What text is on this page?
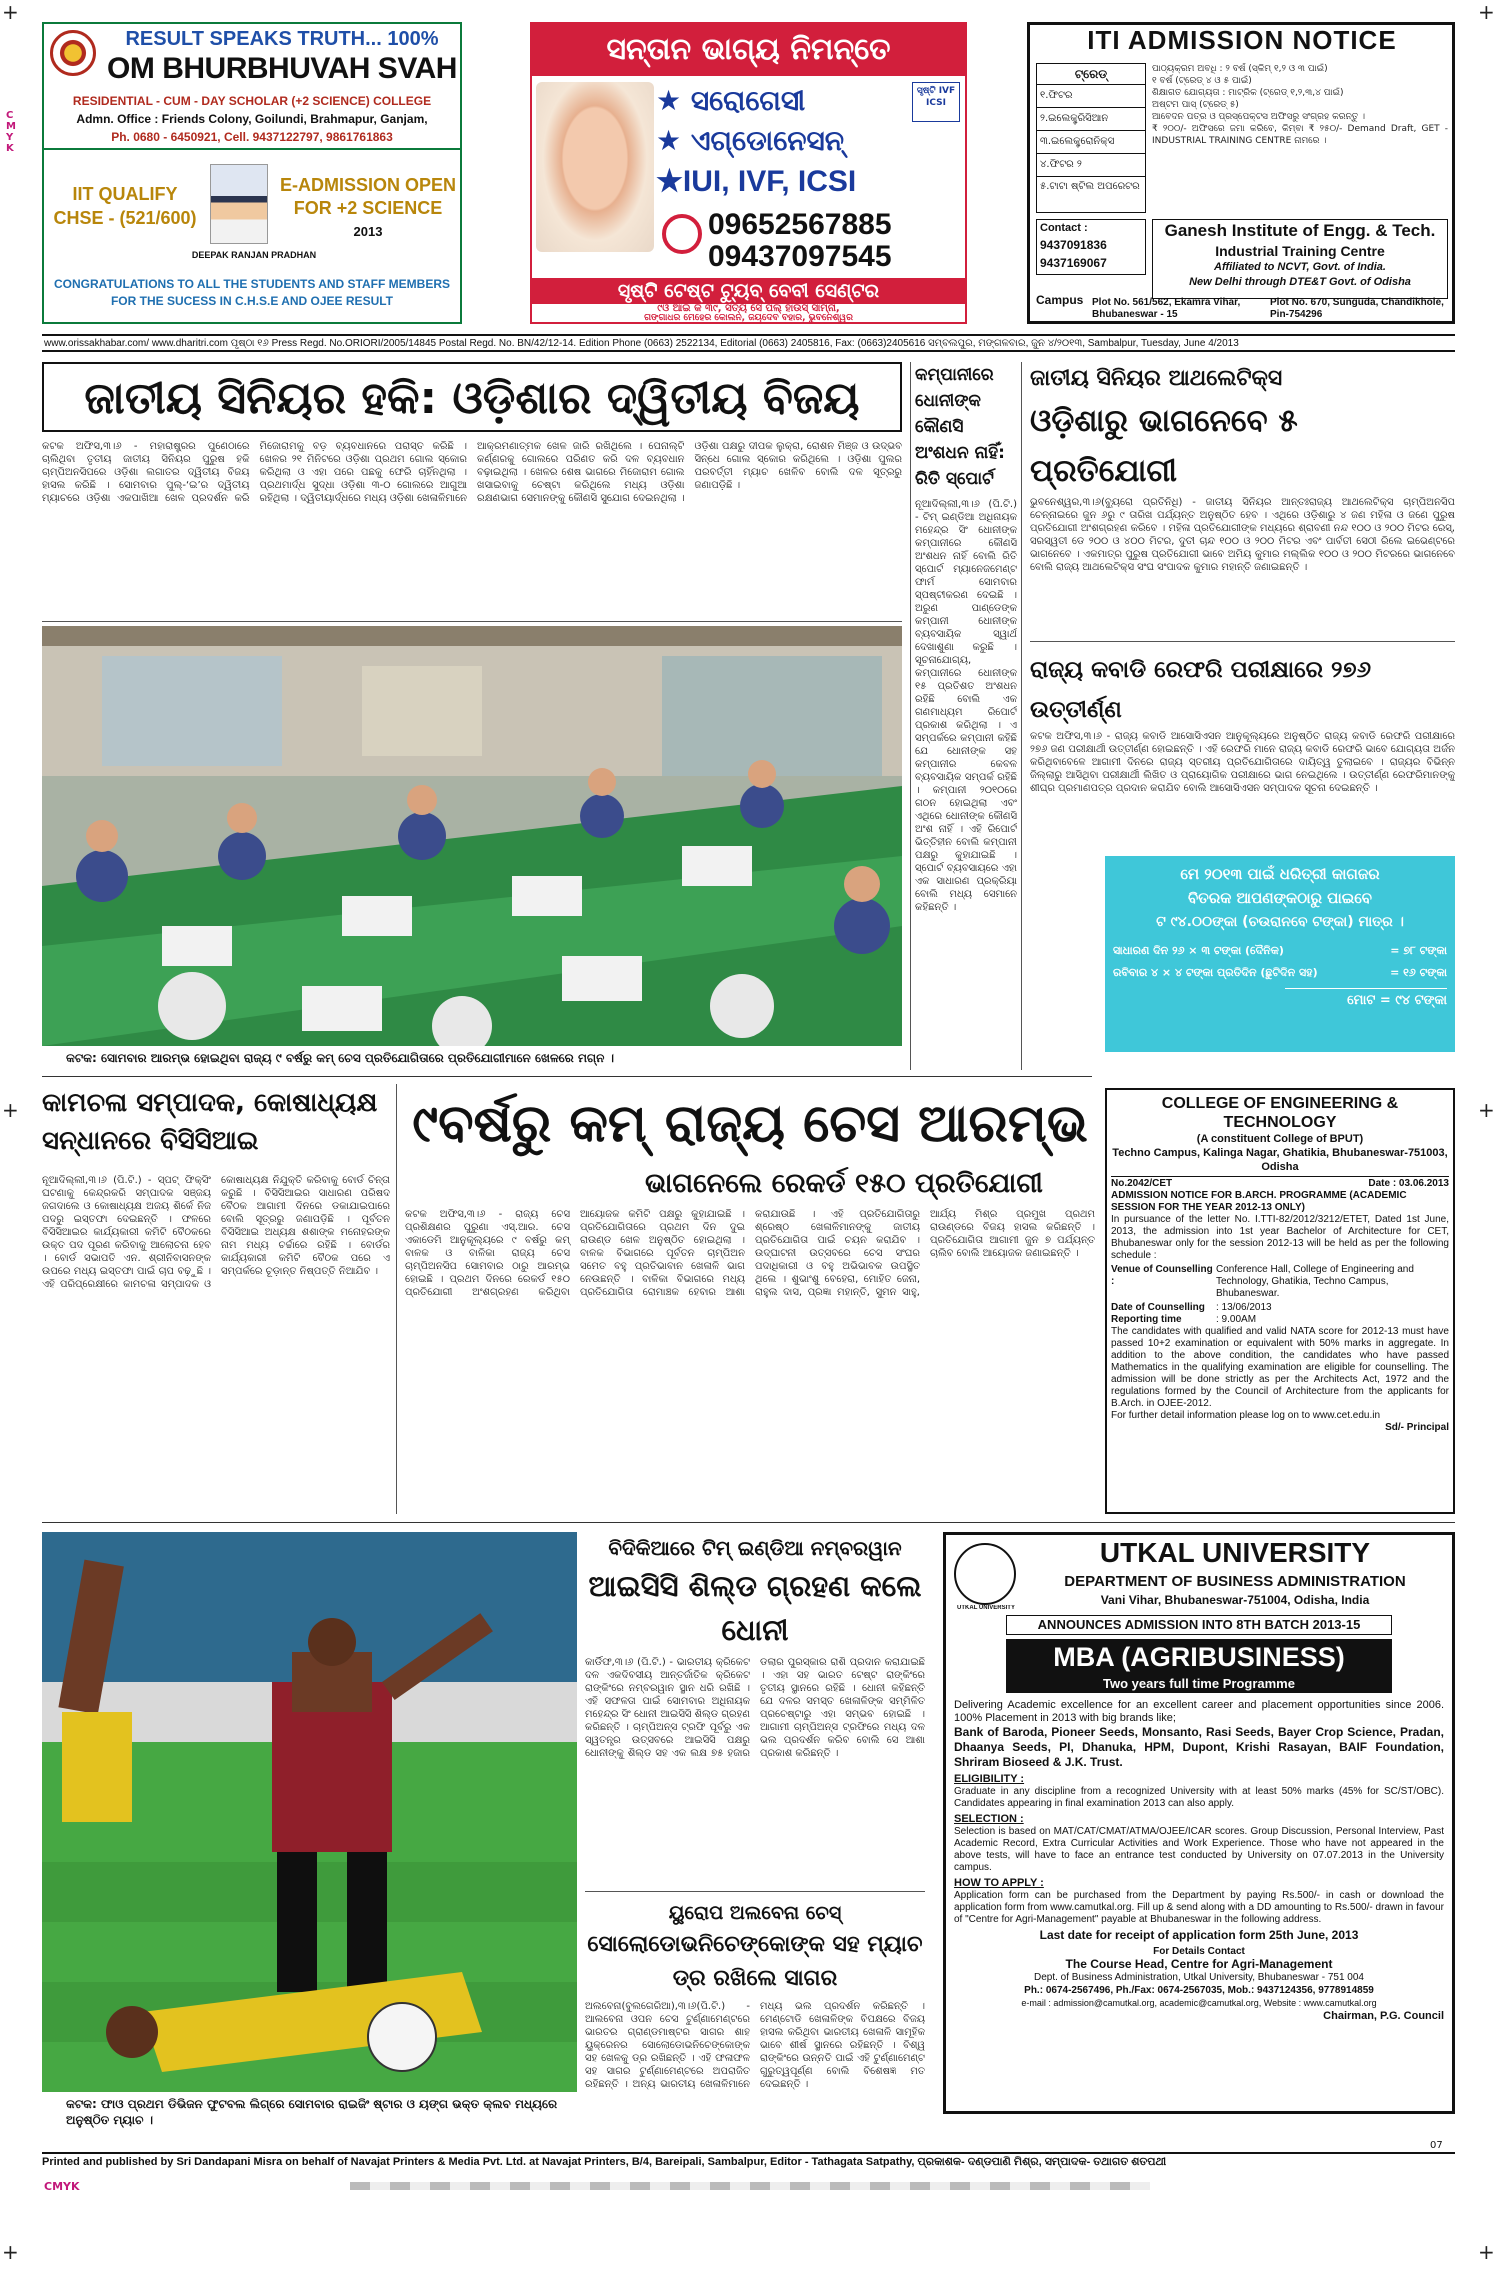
+	+
+	+
+	+
CMYK
RESULT SPEAKS TRUTH... 100%
OM BHURBHUVAH SVAH
RESIDENTIAL - CUM - DAY SCHOLAR (+2 SCIENCE) COLLEGE
Admn. Office : Friends Colony, Goilundi, Brahmapur, Ganjam,
Ph. 0680 - 6450921, Cell. 9437122797, 9861761863
IIT QUALIFY
CHSE - (521/600)
E-ADMISSION OPEN FOR +2 SCIENCE
2013
DEEPAK RANJAN PRADHAN
CONGRATULATIONS TO ALL THE STUDENTS AND STAFF MEMBERS FOR THE SUCESS IN C.H.S.E AND OJEE RESULT
ସନ୍ତାନ ଭାଗ୍ୟ ନିମନ୍ତେ
★ ସରୋଗେସୀ
★ ଏଗ୍‌ଡୋନେସନ୍
★IUI, IVF, ICSI
ସୃଷ୍ଟି IVF ICSI
09652567885
09437097545
ସୃଷ୍ଟି ଟେଷ୍ଟ ଟ୍ୟୁବ୍ ବେବୀ ସେଣ୍ଟର
୯ଓ ଆଇ କି ୩୯, ସତ୍ୟ ସେ ପଲ୍ ହାଉସ୍ ସାମ୍ନା,
ଗଙ୍ଗାଧର ମେହେର କୋଲନି, ଜୟଦେବ ବିହାର, ଭୁବନେଶ୍ୱର
ITI ADMISSION NOTICE
ଟ୍ରେଡ୍
୧.ଫିଟର
୨.ଇଲେକ୍ଟ୍ରିସିଆନ
୩.ଇଲେକ୍ଟ୍ରୋନିକ୍ସ
୪.ଫିଟର ୨
୫.ଟାଟା ଷ୍ଟିଲ ଅପରେଟର
ପାଠ୍ୟକ୍ରମ ଅବଧି : ୨ ବର୍ଷ (ସ୍କିମ୍ ୧,୨ ଓ ୩ ପାଇଁ)
୧ ବର୍ଷ (ଟ୍ରେଡ୍ ୪ ଓ ୫ ପାଇଁ)
ଶିକ୍ଷାଗତ ଯୋଗ୍ୟତା : ମାଟ୍ରିକ (ଟ୍ରେଡ୍ ୧,୨,୩,୪ ପାଇଁ)
ଅଷ୍ଟମ ପାସ୍ (ଟ୍ରେଡ୍ ୫)
ଆବେଦନ ପତ୍ର ଓ ପ୍ରସ୍ପେକ୍ଟସ ଅଫିସରୁ ସଂଗ୍ରହ କରନ୍ତୁ ।
₹ ୨୦୦/- ଅଫିସରେ ଜମା କରିବେ, କିମ୍ବା ₹ ୨୫୦/- Demand Draft, GET - INDUSTRIAL TRAINING CENTRE ନାମରେ ।
Contact :
9437091836
9437169067
Ganesh Institute of Engg. & Tech.
Industrial Training Centre
Affiliated to NCVT, Govt. of India.
New Delhi through DTE&T Govt. of Odisha
Campus Plot No. 561/562, Ekamra Vihar, Bhubaneswar - 15
Plot No. 670, Sunguda, Chandikhole, Pin-754296
www.orissakhabar.com/ www.dharitri.com ପୃଷ୍ଠା ୧୬ Press Regd. No.ORIORI/2005/14845 Postal Regd. No. BN/42/12-14. Edition Phone (0663) 2522134, Editorial (0663) 2405816, Fax: (0663)2405616 ସମ୍ବଲପୁର, ମଙ୍ଗଳବାର, ଜୁନ ୪/୨୦୧୩, Sambalpur, Tuesday, June 4/2013
ଜାତୀୟ ସିନିୟର ହକି: ଓଡ଼ିଶାର ଦ୍ୱିତୀୟ ବିଜୟ
କଟକ ଅଫିସ,୩।୬ - ମହାରାଷ୍ଟ୍ରର ପୁଣେଠାରେ ଚାଲିଥିବା ତୃତୀୟ ଜାତୀୟ ସିନିୟର ପୁରୁଷ ହକି ଚାମ୍ପିଅନସିପରେ ଓଡ଼ିଶା ଲଗାତର ଦ୍ୱିତୀୟ ବିଜୟ ହାସଲ କରିଛି । ସୋମବାର ପୁଲ୍-‘ଇ’ର ଦ୍ୱିତୀୟ ମ୍ୟାଚରେ ଓଡ଼ିଶା ଏକପାଖିଆ ଖେଳ ପ୍ରଦର୍ଶନ କରି ମିଜୋରାମକୁ ବଡ଼ ବ୍ୟବଧାନରେ ପରାସ୍ତ କରିଛି । ଖେଳର ୨୧ ମିନିଟରେ ଓଡ଼ିଶା ପ୍ରଥମ ଗୋଲ ସ୍କୋର କରିଥିଲା ଓ ଏହା ପରେ ପଛକୁ ଫେରି ଚାହିଁନଥିଲା । ପ୍ରଥମାର୍ଦ୍ଧ ସୁଦ୍ଧା ଓଡ଼ିଶା ୩-୦ ଗୋଲରେ ଆଗୁଆ ରହିଥିଲା । ଦ୍ୱିତୀୟାର୍ଦ୍ଧରେ ମଧ୍ୟ ଓଡ଼ିଶା ଖେଳାଳିମାନେ ଆକ୍ରମଣାତ୍ମକ ଖେଳ ଜାରି ରଖିଥିଲେ । ପେନାଲ୍ଟି କର୍ଣ୍ଣରକୁ ଗୋଲରେ ପରିଣତ କରି ଦଳ ବ୍ୟବଧାନ ବଢ଼ାଇଥିଲା । ଖେଳର ଶେଷ ଭାଗରେ ମିଜୋରାମ ଗୋଲ ଖସାଇବାକୁ ଚେଷ୍ଟା କରିଥିଲେ ମଧ୍ୟ ଓଡ଼ିଶା ରକ୍ଷଣଭାଗ ସେମାନଙ୍କୁ କୌଣସି ସୁଯୋଗ ଦେଇନଥିଲା । ଓଡ଼ିଶା ପକ୍ଷରୁ ଦୀପକ ଲୁକ୍ରା, ରୋଶନ ମିଞ୍ଜ ଓ ଉଦ୍ଭବ ସିନ୍ଧେ ଗୋଲ ସ୍କୋର କରିଥିଲେ । ଓଡ଼ିଶା ପୁଲର ପରବର୍ତ୍ତୀ ମ୍ୟାଚ ଖେଳିବ ବୋଲି ଦଳ ସୂତ୍ରରୁ ଜଣାପଡ଼ିଛି ।
କଟକ: ସୋମବାର ଆରମ୍ଭ ହୋଇଥିବା ରାଜ୍ୟ ୯ ବର୍ଷରୁ କମ୍ ଚେସ ପ୍ରତିଯୋଗିତାରେ ପ୍ରତିଯୋଗୀମାନେ ଖେଳରେ ମଗ୍ନ ।
କମ୍ପାନୀରେ ଧୋନୀଙ୍କ କୌଣସି ଅଂଶଧନ ନାହିଁ: ରିତି ସ୍ପୋର୍ଟ
ନୂଆଦିଲ୍ଲୀ,୩।୬ (ପି.ଟି.) - ଟିମ୍ ଇଣ୍ଡିଆ ଅଧିନାୟକ ମହେନ୍ଦ୍ର ସିଂ ଧୋନୀଙ୍କ କମ୍ପାନୀରେ କୌଣସି ଅଂଶଧନ ନାହିଁ ବୋଲି ରିତି ସ୍ପୋର୍ଟ ମ୍ୟାନେଜମେଣ୍ଟ ଫାର୍ମ ସୋମବାର ସ୍ପଷ୍ଟୀକରଣ ଦେଇଛି । ଅରୁଣ ପାଣ୍ଡେଙ୍କ କମ୍ପାନୀ ଧୋନୀଙ୍କ ବ୍ୟବସାୟିକ ସ୍ୱାର୍ଥ ଦେଖାଶୁଣା କରୁଛି । ସୂଚନାଯୋଗ୍ୟ, କମ୍ପାନୀରେ ଧୋନୀଙ୍କ ୧୫ ପ୍ରତିଶତ ଅଂଶଧନ ରହିଛି ବୋଲି ଏକ ଗଣମାଧ୍ୟମ ରିପୋର୍ଟ ପ୍ରକାଶ କରିଥିଲା । ଏ ସମ୍ପର୍କରେ କମ୍ପାନୀ କହିଛି ଯେ ଧୋନୀଙ୍କ ସହ କମ୍ପାନୀର କେବଳ ବ୍ୟବସାୟିକ ସମ୍ପର୍କ ରହିଛି । କମ୍ପାନୀ ୨୦୧୦ରେ ଗଠନ ହୋଇଥିଲା ଏବଂ ଏଥିରେ ଧୋନୀଙ୍କ କୌଣସି ଅଂଶ ନାହିଁ । ଏହି ରିପୋର୍ଟ ଭିତ୍ତିହୀନ ବୋଲି କମ୍ପାନୀ ପକ୍ଷରୁ କୁହାଯାଇଛି । ସ୍ପୋର୍ଟ ବ୍ୟବସାୟରେ ଏହା ଏକ ସାଧାରଣ ପ୍ରକ୍ରିୟା ବୋଲି ମଧ୍ୟ ସେମାନେ କହିଛନ୍ତି ।
ଜାତୀୟ ସିନିୟର ଆଥଲେଟିକ୍ସ
ଓଡ଼ିଶାରୁ ଭାଗନେବେ ୫ ପ୍ରତିଯୋଗୀ
ଭୁବନେଶ୍ୱର,୩।୬(ବ୍ୟୁରୋ ପ୍ରତିନିଧି) - ଜାତୀୟ ସିନିୟର ଆନ୍ତଃରାଜ୍ୟ ଆଥଲେଟିକ୍ସ ଚାମ୍ପିଅନସିପ ଚେନ୍ନାଇରେ ଜୁନ ୬ରୁ ୯ ତାରିଖ ପର୍ଯ୍ୟନ୍ତ ଅନୁଷ୍ଠିତ ହେବ । ଏଥିରେ ଓଡ଼ିଶାରୁ ୪ ଜଣ ମହିଳା ଓ ଜଣେ ପୁରୁଷ ପ୍ରତିଯୋଗୀ ଅଂଶଗ୍ରହଣ କରିବେ । ମହିଳା ପ୍ରତିଯୋଗୀଙ୍କ ମଧ୍ୟରେ ଶ୍ରାବଣୀ ନନ୍ଦ ୧୦୦ ଓ ୨୦୦ ମିଟର ରେସ୍, ସରସ୍ୱତୀ ଡେ ୨୦୦ ଓ ୪୦୦ ମିଟର, ଦୁତୀ ଚାନ୍ଦ ୧୦୦ ଓ ୨୦୦ ମିଟର ଏବଂ ପାର୍ବତୀ ସେଠୀ ରିଲେ ଇଭେଣ୍ଟରେ ଭାଗନେବେ । ଏକମାତ୍ର ପୁରୁଷ ପ୍ରତିଯୋଗୀ ଭାବେ ଅମିୟ କୁମାର ମଲ୍ଲିକ ୧୦୦ ଓ ୨୦୦ ମିଟରରେ ଭାଗନେବେ ବୋଲି ରାଜ୍ୟ ଆଥଲେଟିକ୍ସ ସଂଘ ସଂପାଦକ କୁମାର ମହାନ୍ତି ଜଣାଇଛନ୍ତି ।
ରାଜ୍ୟ କବାଡି ରେଫରି ପରୀକ୍ଷାରେ ୨୭୬ ଉତ୍ତୀର୍ଣ୍ଣ
କଟକ ଅଫିସ,୩।୬ - ରାଜ୍ୟ କବାଡି ଆସୋସିଏସନ ଆନୁକୂଲ୍ୟରେ ଅନୁଷ୍ଠିତ ରାଜ୍ୟ କବାଡି ରେଫରି ପରୀକ୍ଷାରେ ୨୭୬ ଜଣ ପରୀକ୍ଷାର୍ଥୀ ଉତ୍ତୀର୍ଣ୍ଣ ହୋଇଛନ୍ତି । ଏହି ରେଫରି ମାନେ ରାଜ୍ୟ କବାଡି ରେଫରି ଭାବେ ଯୋଗ୍ୟତା ଅର୍ଜନ କରିଥିବାବେଳେ ଆଗାମୀ ଦିନରେ ରାଜ୍ୟ ସ୍ତରୀୟ ପ୍ରତିଯୋଗିତାରେ ଦାୟିତ୍ୱ ତୁଲାଇବେ । ରାଜ୍ୟର ବିଭିନ୍ନ ଜିଲ୍ଲାରୁ ଆସିଥିବା ପରୀକ୍ଷାର୍ଥୀ ଲିଖିତ ଓ ପ୍ରାୟୋଗିକ ପରୀକ୍ଷାରେ ଭାଗ ନେଇଥିଲେ । ଉତ୍ତୀର୍ଣ୍ଣ ରେଫରିମାନଙ୍କୁ ଶୀଘ୍ର ପ୍ରମାଣପତ୍ର ପ୍ରଦାନ କରାଯିବ ବୋଲି ଆସୋସିଏସନ ସମ୍ପାଦକ ସୂଚନା ଦେଇଛନ୍ତି ।
ମେ ୨୦୧୩ ପାଇଁ ଧରିତ୍ରୀ କାଗଜର
ବିତରକ ଆପଣଙ୍କଠାରୁ ପାଇବେ
ଟ ୯୪.୦୦ଙ୍କା (ଚଉରାନବେ ଟଙ୍କା) ମାତ୍ର ।
ସାଧାରଣ ଦିନ ୨୬ × ୩ ଟଙ୍କା (ଦୈନିକ)	= ୭୮ ଟଙ୍କା
ରବିବାର ୪ × ୪ ଟଙ୍କା ପ୍ରତିଦିନ (ଛୁଟିଦିନ ସହ)	= ୧୬ ଟଙ୍କା
ମୋଟ = ୯୪ ଟଙ୍କା
କାମଚଳା ସମ୍ପାଦକ, କୋଷାଧ୍ୟକ୍ଷ ସନ୍ଧାନରେ ବିସିସିଆଇ
ନୂଆଦିଲ୍ଲୀ,୩।୬ (ପି.ଟି.) - ସ୍ପଟ୍ ଫିକ୍ସିଂ ଘଟଣାକୁ କେନ୍ଦ୍ରକରି ସମ୍ପାଦକ ସଞ୍ଜୟ ଜଗଦାଲେ ଓ କୋଷାଧ୍ୟକ୍ଷ ଅଜୟ ଶିର୍କେ ନିଜ ପଦରୁ ଇସ୍ତଫା ଦେଇଛନ୍ତି । ଫଳରେ ବିସିସିଆଇର କାର୍ଯ୍ୟକାରୀ କମିଟି ବୈଠକରେ ଉକ୍ତ ପଦ ପୂରଣ କରିବାକୁ ଆଲୋଚନା ହେବ । ବୋର୍ଡ ସଭାପତି ଏନ. ଶ୍ରୀନିବାସନଙ୍କ ଉପରେ ମଧ୍ୟ ଇସ୍ତଫା ପାଇଁ ଚାପ ବଢ଼ୁଛି । ଏହି ପରିପ୍ରେକ୍ଷୀରେ କାମଚଳା ସମ୍ପାଦକ ଓ କୋଷାଧ୍ୟକ୍ଷ ନିଯୁକ୍ତି କରିବାକୁ ବୋର୍ଡ ଚିନ୍ତା କରୁଛି । ବିସିସିଆଇର ସାଧାରଣ ପରିଷଦ ବୈଠକ ଆଗାମୀ ଦିନରେ ଡକାଯାଇପାରେ ବୋଲି ସୂତ୍ରରୁ ଜଣାପଡ଼ିଛି । ପୂର୍ବତନ ବିସିସିଆଇ ଅଧ୍ୟକ୍ଷ ଶଶାଙ୍କ ମନୋହରଙ୍କ ନାମ ମଧ୍ୟ ଚର୍ଚ୍ଚାରେ ରହିଛି । ବୋର୍ଡର କାର୍ଯ୍ୟକାରୀ କମିଟି ବୈଠକ ପରେ ଏ ସମ୍ପର୍କରେ ଚୂଡ଼ାନ୍ତ ନିଷ୍ପତ୍ତି ନିଆଯିବ ।
୯ବର୍ଷରୁ କମ୍ ରାଜ୍ୟ ଚେସ ଆରମ୍ଭ
ଭାଗନେଲେ ରେକର୍ଡ ୧୫୦ ପ୍ରତିଯୋଗୀ
କଟକ ଅଫିସ,୩।୬ - ରାଜ୍ୟ ଚେସ ପ୍ରଶିକ୍ଷଣର ପୁରୁଣା ଏସ୍.ଆର. ଚେସ ଏକାଡେମି ଆନୁକୂଲ୍ୟରେ ୯ ବର୍ଷରୁ କମ୍ ବାଳକ ଓ ବାଳିକା ରାଜ୍ୟ ଚେସ ଚାମ୍ପିଅନସିପ ସୋମବାର ଠାରୁ ଆରମ୍ଭ ହୋଇଛି । ପ୍ରଥମ ଦିନରେ ରେକର୍ଡ ୧୫୦ ପ୍ରତିଯୋଗୀ ଅଂଶଗ୍ରହଣ କରିଥିବା ଆୟୋଜକ କମିଟି ପକ୍ଷରୁ କୁହାଯାଇଛି । ପ୍ରତିଯୋଗିତାରେ ପ୍ରଥମ ଦିନ ଦୁଇ ରାଉଣ୍ଡ ଖେଳ ଅନୁଷ୍ଠିତ ହୋଇଥିଲା । ବାଳକ ବିଭାଗରେ ପୂର୍ବତନ ଚାମ୍ପିଅନ ସମେତ ବହୁ ପ୍ରତିଭାବାନ ଖେଳାଳି ଭାଗ ନେଉଛନ୍ତି । ବାଳିକା ବିଭାଗରେ ମଧ୍ୟ ପ୍ରତିଯୋଗିତା ରୋମାଞ୍ଚକ ହେବାର ଆଶା କରାଯାଉଛି । ଏହି ପ୍ରତିଯୋଗିତାରୁ ଶ୍ରେଷ୍ଠ ଖେଳାଳିମାନଙ୍କୁ ଜାତୀୟ ପ୍ରତିଯୋଗିତା ପାଇଁ ଚୟନ କରାଯିବ । ଉଦ୍‌ଘାଟନୀ ଉତ୍ସବରେ ଚେସ ସଂଘର ପଦାଧିକାରୀ ଓ ବହୁ ଅଭିଭାବକ ଉପସ୍ଥିତ ଥିଲେ । ଶୁଭାଂଶୁ ବେହେରା, ମୋହିତ ଜେନା, ରାହୁଲ ଦାସ, ପ୍ରଜ୍ଞା ମହାନ୍ତି, ସୁମନ ସାହୁ, ଆର୍ଯ୍ୟ ମିଶ୍ର ପ୍ରମୁଖ ପ୍ରଥମ ରାଉଣ୍ଡରେ ବିଜୟ ହାସଲ କରିଛନ୍ତି । ପ୍ରତିଯୋଗିତା ଆଗାମୀ ଜୁନ ୭ ପର୍ଯ୍ୟନ୍ତ ଚାଲିବ ବୋଲି ଆୟୋଜକ ଜଣାଇଛନ୍ତି ।
COLLEGE OF ENGINEERING & TECHNOLOGY
(A constituent College of BPUT)
Techno Campus, Kalinga Nagar, Ghatikia, Bhubaneswar-751003, Odisha
No.2042/CET	Date : 03.06.2013
ADMISSION NOTICE FOR B.ARCH. PROGRAMME (ACADEMIC SESSION FOR THE YEAR 2012-13 ONLY)
In pursuance of the letter No. I.TTI-82/2012/3212/ETET, Dated 1st June, 2013, the admission into 1st year Bachelor of Architecture for CET, Bhubaneswar only for the session 2012-13 will be held as per the following schedule :
Venue of Counselling :
Conference Hall, College of Engineering and Technology, Ghatikia, Techno Campus, Bhubaneswar.
Date of Counselling	: 13/06/2013
Reporting time	: 9.00AM
The candidates with qualified and valid NATA score for 2012-13 must have passed 10+2 examination or equivalent with 50% marks in aggregate. In addition to the above condition, the candidates who have passed Mathematics in the qualifying examination are eligible for counselling. The admission will be done strictly as per the Architects Act, 1972 and the regulations formed by the Council of Architecture from the applicants for B.Arch. in OJEE-2012.
For further detail information please log on to www.cet.edu.in
Sd/- Principal
କଟକ: ଫାଓ ପ୍ରଥମ ଡିଭିଜନ ଫୁଟବଲ ଲିଗ୍‌ରେ ସୋମବାର ରାଇଜିଂ ଷ୍ଟାର ଓ ୟଙ୍ଗ ଭକ୍ତ କ୍ଲବ ମଧ୍ୟରେ ଅନୁଷ୍ଠିତ ମ୍ୟାଚ ।
ବିଦିକିଆରେ ଟିମ୍ ଇଣ୍ଡିଆ ନମ୍ବରୱାନ
ଆଇସିସି ଶିଲ୍ଡ ଗ୍ରହଣ କଲେ ଧୋନୀ
କାର୍ଡିଫ,୩।୬ (ପି.ଟି.) - ଭାରତୀୟ କ୍ରିକେଟ ଦଳ ଏକଦିବସୀୟ ଆନ୍ତର୍ଜାତିକ କ୍ରିକେଟ ରାଙ୍କିଂରେ ନମ୍ବରୱାନ ସ୍ଥାନ ଧରି ରଖିଛି । ଏହି ସଫଳତା ପାଇଁ ସୋମବାର ଅଧିନାୟକ ମହେନ୍ଦ୍ର ସିଂ ଧୋନୀ ଆଇସିସି ଶିଲ୍ଡ ଗ୍ରହଣ କରିଛନ୍ତି । ଚାମ୍ପିଅନ୍ସ ଟ୍ରଫି ପୂର୍ବରୁ ଏକ ସ୍ୱତନ୍ତ୍ର ଉତ୍ସବରେ ଆଇସିସି ପକ୍ଷରୁ ଧୋନୀଙ୍କୁ ଶିଲ୍ଡ ସହ ଏକ ଲକ୍ଷ ୭୫ ହଜାର ଡଲାର ପୁରସ୍କାର ରାଶି ପ୍ରଦାନ କରାଯାଇଛି । ଏହା ସହ ଭାରତ ଟେଷ୍ଟ ରାଙ୍କିଂରେ ତୃତୀୟ ସ୍ଥାନରେ ରହିଛି । ଧୋନୀ କହିଛନ୍ତି ଯେ ଦଳର ସମସ୍ତ ଖେଳାଳିଙ୍କ ସମ୍ମିଳିତ ପ୍ରଚେଷ୍ଟାରୁ ଏହା ସମ୍ଭବ ହୋଇଛି । ଆଗାମୀ ଚାମ୍ପିଅନ୍ସ ଟ୍ରଫିରେ ମଧ୍ୟ ଦଳ ଭଲ ପ୍ରଦର୍ଶନ କରିବ ବୋଲି ସେ ଆଶା ପ୍ରକାଶ କରିଛନ୍ତି ।
ୟୁରୋପ ଅଲବେନା ଚେସ୍
ସୋଲୋଡୋଭନିଚେଙ୍କୋଙ୍କ ସହ ମ୍ୟାଚ ଡ୍ର ରଖିଲେ ସାଗର
ଅଲବେନା(ବୁଲଗେରିଆ),୩।୬(ପି.ଟି.) - ଆଲବେନା ଓପନ ଚେସ ଟୁର୍ଣ୍ଣାମେଣ୍ଟରେ ଭାରତର ଗ୍ରାଣ୍ଡମାଷ୍ଟର ସାଗର ଶାହ ୟୁକ୍ରେନର ସୋଲୋଡୋଭନିଚେଙ୍କୋଙ୍କ ସହ ଖେଳକୁ ଡ୍ର ରଖିଛନ୍ତି । ଏହି ଫଳାଫଳ ସହ ସାଗର ଟୁର୍ଣ୍ଣାମେଣ୍ଟରେ ଅପରାଜିତ ରହିଛନ୍ତି । ଅନ୍ୟ ଭାରତୀୟ ଖେଳାଳିମାନେ ମଧ୍ୟ ଭଲ ପ୍ରଦର୍ଶନ କରିଛନ୍ତି । ମେଣ୍ଟୋଡି ଖେଳାଳିଙ୍କ ବିପକ୍ଷରେ ବିଜୟ ହାସଲ କରିଥିବା ଭାରତୀୟ ଖେଳାଳି ସାମୂହିକ ଭାବେ ଶୀର୍ଷ ସ୍ଥାନରେ ରହିଛନ୍ତି । ବିଶ୍ୱ ରାଙ୍କିଂରେ ଉନ୍ନତି ପାଇଁ ଏହି ଟୁର୍ଣ୍ଣାମେଣ୍ଟ ଗୁରୁତ୍ୱପୂର୍ଣ୍ଣ ବୋଲି ବିଶେଷଜ୍ଞ ମତ ଦେଇଛନ୍ତି ।
UTKAL UNIVERSITY
UTKAL UNIVERSITY
DEPARTMENT OF BUSINESS ADMINISTRATION
Vani Vihar, Bhubaneswar-751004, Odisha, India
ANNOUNCES ADMISSION INTO 8TH BATCH 2013-15
MBA (AGRIBUSINESS)
Two years full time Programme
Delivering Academic excellence for an excellent career and placement opportunities since 2006. 100% Placement in 2013 with big brands like;
Bank of Baroda, Pioneer Seeds, Monsanto, Rasi Seeds, Bayer Crop Science, Pradan, Dhaanya Seeds, PI, Dhanuka, HPM, Dupont, Krishi Rasayan, BAIF Foundation, Shriram Bioseed & J.K. Trust.
ELIGIBILITY :
Graduate in any discipline from a recognized University with at least 50% marks (45% for SC/ST/OBC). Candidates appearing in final examination 2013 can also apply.
SELECTION :
Selection is based on MAT/CAT/CMAT/ATMA/OJEE/ICAR scores. Group Discussion, Personal Interview, Past Academic Record, Extra Curricular Activities and Work Experience. Those who have not appeared in the above tests, will have to face an entrance test conducted by University on 07.07.2013 in the University campus.
HOW TO APPLY :
Application form can be purchased from the Department by paying Rs.500/- in cash or download the application form from www.camutkal.org. Fill up & send along with a DD amounting to Rs.500/- drawn in favour of "Centre for Agri-Management" payable at Bhubaneswar in the following address.
Last date for receipt of application form 25th June, 2013
For Details Contact
The Course Head, Centre for Agri-Management
Dept. of Business Administration, Utkal University, Bhubaneswar - 751 004
Ph.: 0674-2567496, Ph./Fax: 0674-2567035, Mob.: 9437124356, 9778914859
e-mail : admission@camutkal.org, academic@camutkal.org, Website : www.camutkal.org
Chairman, P.G. Council
07
Printed and published by Sri Dandapani Misra on behalf of Navajat Printers & Media Pvt. Ltd. at Navajat Printers, B/4, Bareipali, Sambalpur, Editor - Tathagata Satpathy, ପ୍ରକାଶକ- ଦଣ୍ଡପାଣି ମିଶ୍ର, ସମ୍ପାଦକ- ତଥାଗତ ଶତପଥୀ
CMYK
